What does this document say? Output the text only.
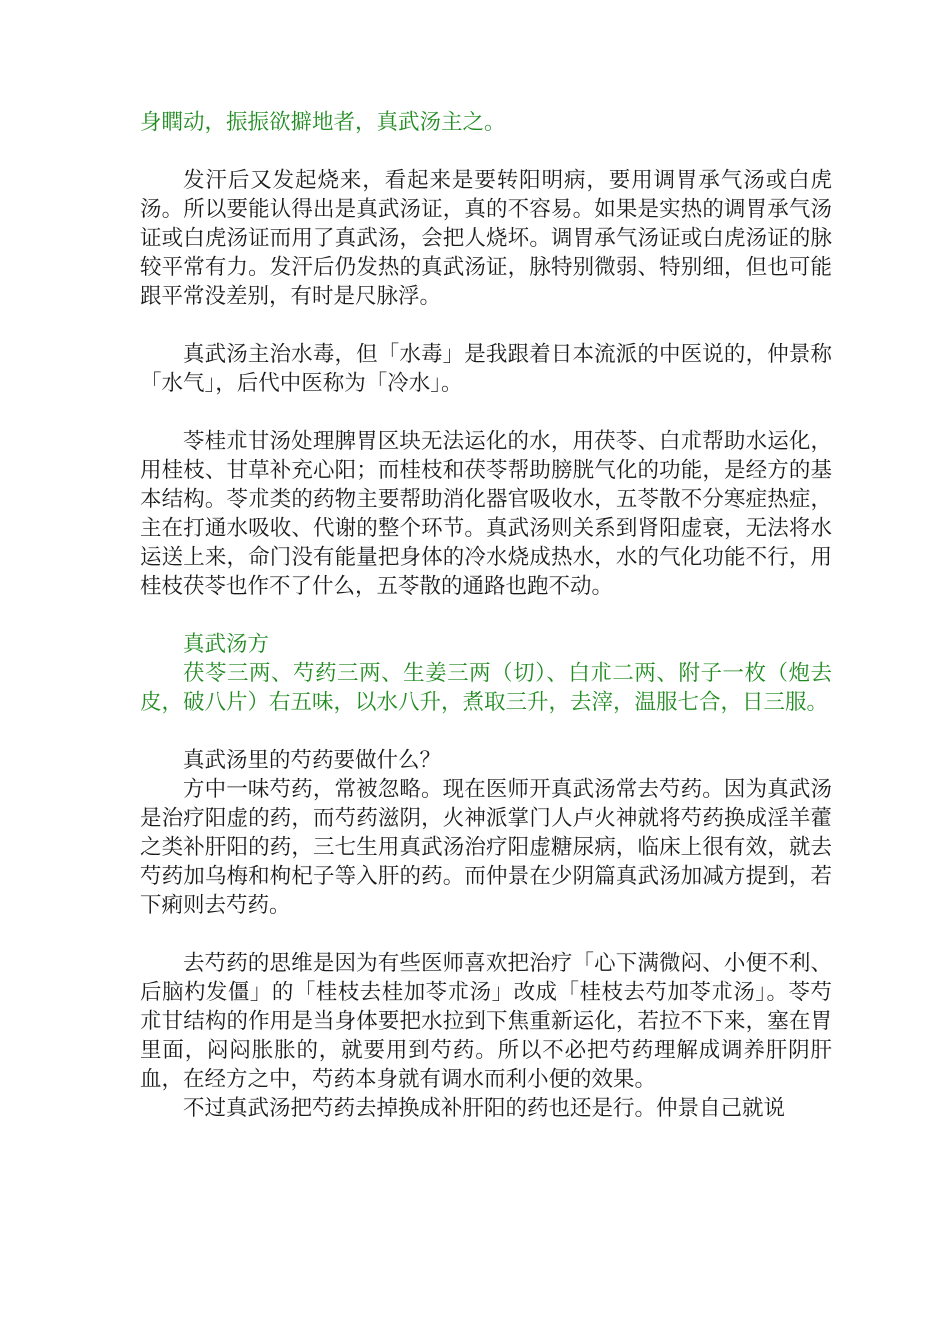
身瞤动，振振欲擗地者，真武汤主之。

发汗后又发起烧来，看起来是要转阳明病，要用调胃承气汤或白虎汤。所以要能认得出是真武汤证，真的不容易。如果是实热的调胃承气汤证或白虎汤证而用了真武汤，会把人烧坏。调胃承气汤证或白虎汤证的脉较平常有力。发汗后仍发热的真武汤证，脉特别微弱、特别细，但也可能跟平常没差别，有时是尺脉浮。

真武汤主治水毒，但「水毒」是我跟着日本流派的中医说的，仲景称「水气」，后代中医称为「冷水」。

苓桂朮甘汤处理脾胃区块无法运化的水，用茯苓、白朮帮助水运化，用桂枝、甘草补充心阳；而桂枝和茯苓帮助膀胱气化的功能，是经方的基本结构。苓朮类的药物主要帮助消化器官吸收水，五苓散不分寒症热症，主在打通水吸收、代谢的整个环节。真武汤则关系到肾阳虚衰，无法将水运送上来，命门没有能量把身体的冷水烧成热水，水的气化功能不行，用桂枝茯苓也作不了什么，五苓散的通路也跑不动。

真武汤方

茯苓三两、芍药三两、生姜三两（切）、白朮二两、附子一枚（炮去皮，破八片）右五味，以水八升，煮取三升，去滓，温服七合，日三服。

真武汤里的芍药要做什么？

方中一味芍药，常被忽略。现在医师开真武汤常去芍药。因为真武汤是治疗阳虚的药，而芍药滋阴，火神派掌门人卢火神就将芍药换成淫羊藿之类补肝阳的药，三七生用真武汤治疗阳虚糖尿病，临床上很有效，就去芍药加乌梅和枸杞子等入肝的药。而仲景在少阴篇真武汤加减方提到，若下痢则去芍药。

去芍药的思维是因为有些医师喜欢把治疗「心下满微闷、小便不利、后脑杓发僵」的「桂枝去桂加苓朮汤」改成「桂枝去芍加苓朮汤」。苓芍朮甘结构的作用是当身体要把水拉到下焦重新运化，若拉不下来，塞在胃里面，闷闷胀胀的，就要用到芍药。所以不必把芍药理解成调养肝阴肝血，在经方之中，芍药本身就有调水而利小便的效果。

不过真武汤把芍药去掉换成补肝阳的药也还是行。仲景自己就说
